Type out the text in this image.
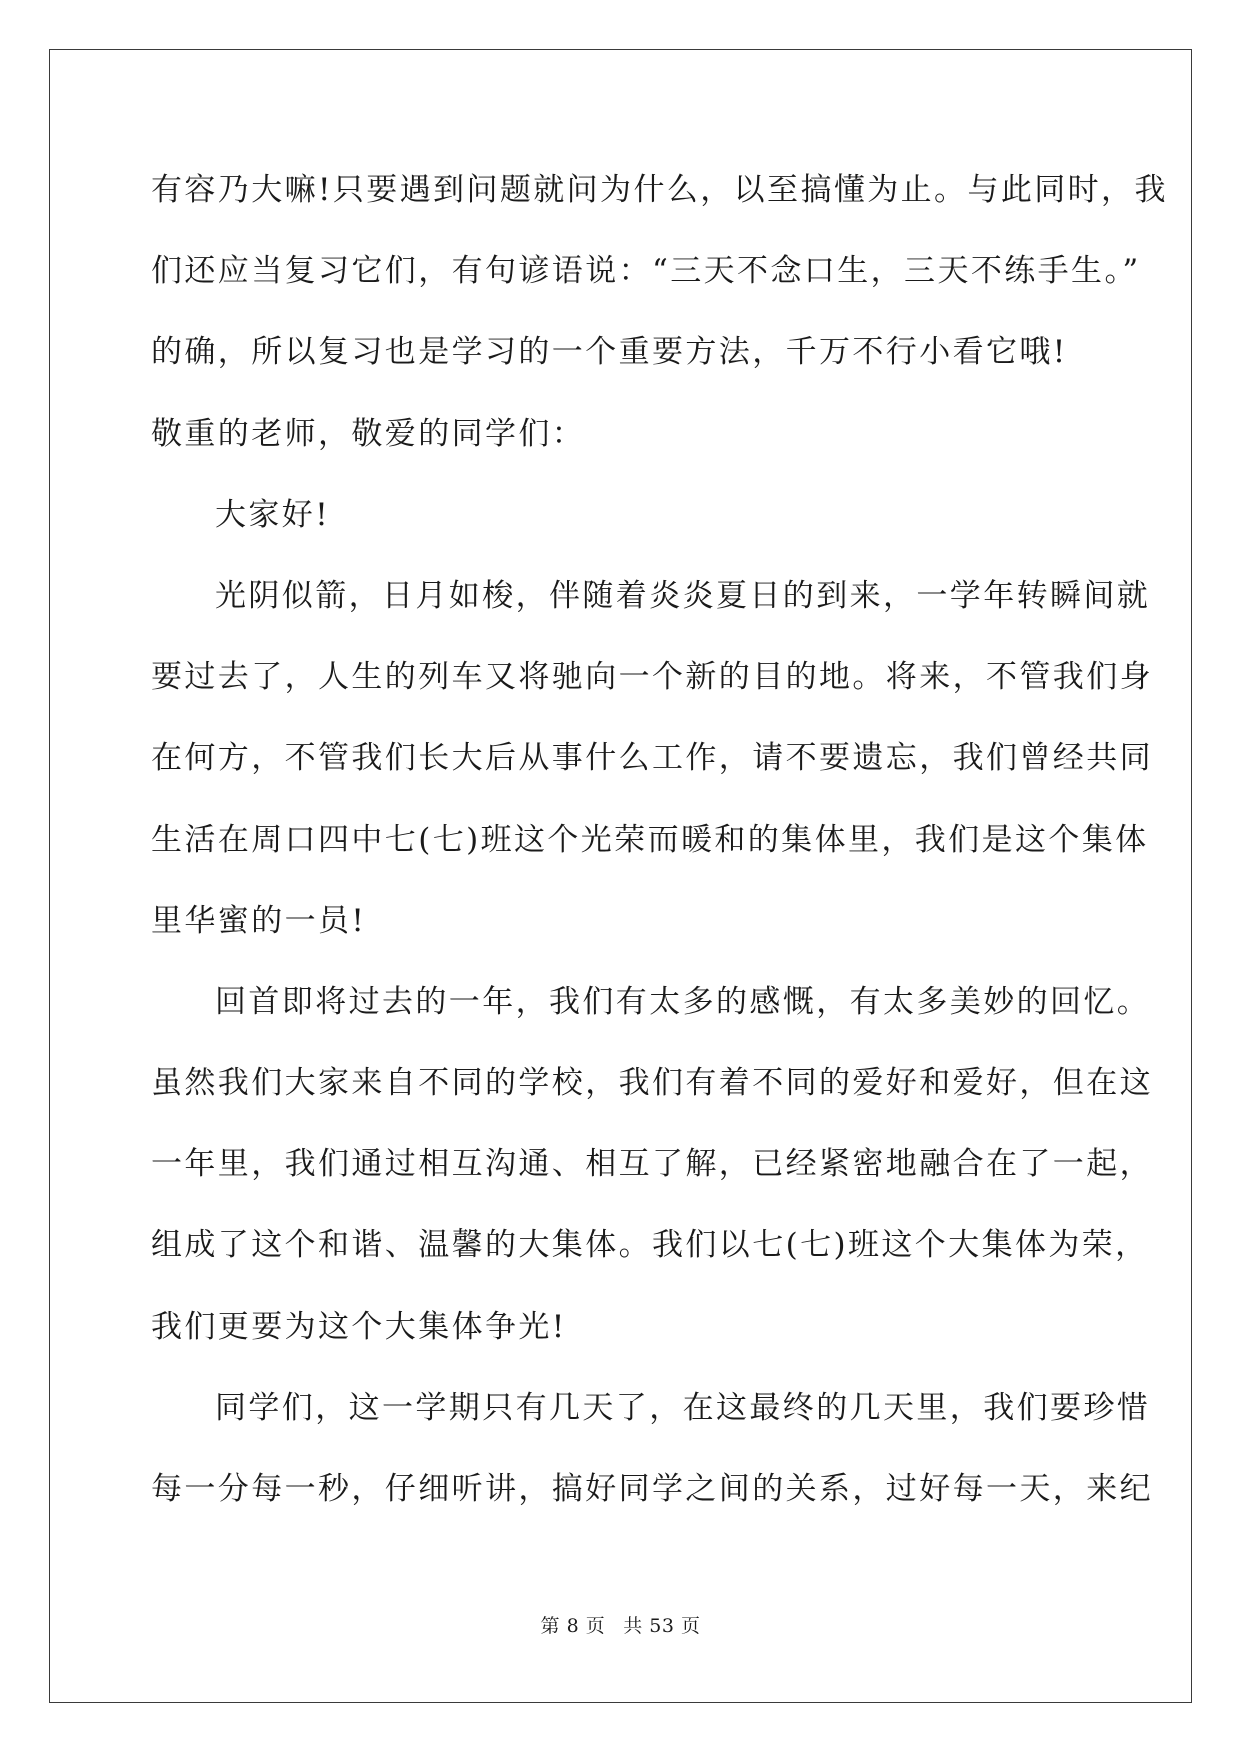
有容乃大嘛!只要遇到问题就问为什么，以至搞懂为止。与此同时，我
们还应当复习它们，有句谚语说：“三天不念口生，三天不练手生。”
的确，所以复习也是学习的一个重要方法，千万不行小看它哦!
敬重的老师，敬爱的同学们：
大家好!
光阴似箭，日月如梭，伴随着炎炎夏日的到来，一学年转瞬间就
要过去了，人生的列车又将驰向一个新的目的地。将来，不管我们身
在何方，不管我们长大后从事什么工作，请不要遗忘，我们曾经共同
生活在周口四中七(七)班这个光荣而暖和的集体里，我们是这个集体
里华蜜的一员!
回首即将过去的一年，我们有太多的感慨，有太多美妙的回忆。
虽然我们大家来自不同的学校，我们有着不同的爱好和爱好，但在这
一年里，我们通过相互沟通、相互了解，已经紧密地融合在了一起，
组成了这个和谐、温馨的大集体。我们以七(七)班这个大集体为荣，
我们更要为这个大集体争光!
同学们，这一学期只有几天了，在这最终的几天里，我们要珍惜
每一分每一秒，仔细听讲，搞好同学之间的关系，过好每一天，来纪
第 8 页 共 53 页
